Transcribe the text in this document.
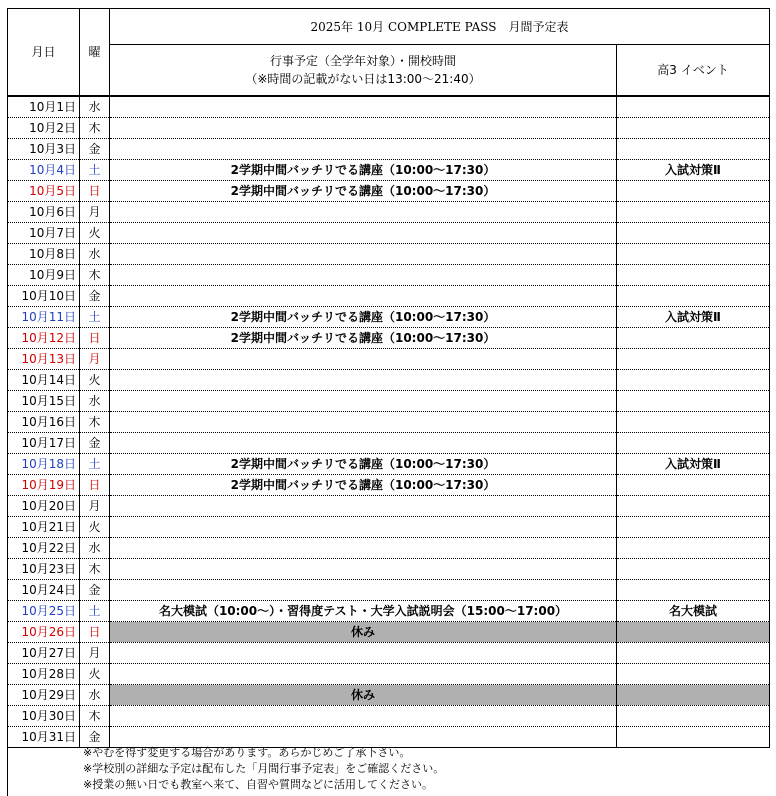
月日	曜	2025年 10月 COMPLETE PASS　月間予定表	

		行事予定（全学年対象）・開校時間
（※時間の記載がない日は13:00～21:40）	高3 イベント
10月1日	水		
10月2日	木		
10月3日	金		
10月4日	土	2学期中間バッチリでる講座（10:00～17:30）	入試対策Ⅱ
10月5日	日	2学期中間バッチリでる講座（10:00～17:30）	
10月6日	月		
10月7日	火		
10月8日	水		
10月9日	木		
10月10日	金		
10月11日	土	2学期中間バッチリでる講座（10:00～17:30）	入試対策Ⅱ
10月12日	日	2学期中間バッチリでる講座（10:00～17:30）	
10月13日	月		
10月14日	火		
10月15日	水		
10月16日	木		
10月17日	金		
10月18日	土	2学期中間バッチリでる講座（10:00～17:30）	入試対策Ⅱ
10月19日	日	2学期中間バッチリでる講座（10:00～17:30）	
10月20日	月		
10月21日	火		
10月22日	水		
10月23日	木		
10月24日	金		
10月25日	土	名大模試（10:00～）・習得度テスト・大学入試説明会（15:00～17:00）	名大模試
10月26日	日	休み	
10月27日	月		
10月28日	火		
10月29日	水	休み	
10月30日	木		
10月31日	金		
※やむを得ず変更する場合があります。あらかじめご了承下さい。
※学校別の詳細な予定は配布した「月間行事予定表」をご確認ください。
※授業の無い日でも教室へ来て、自習や質問などに活用してください。
